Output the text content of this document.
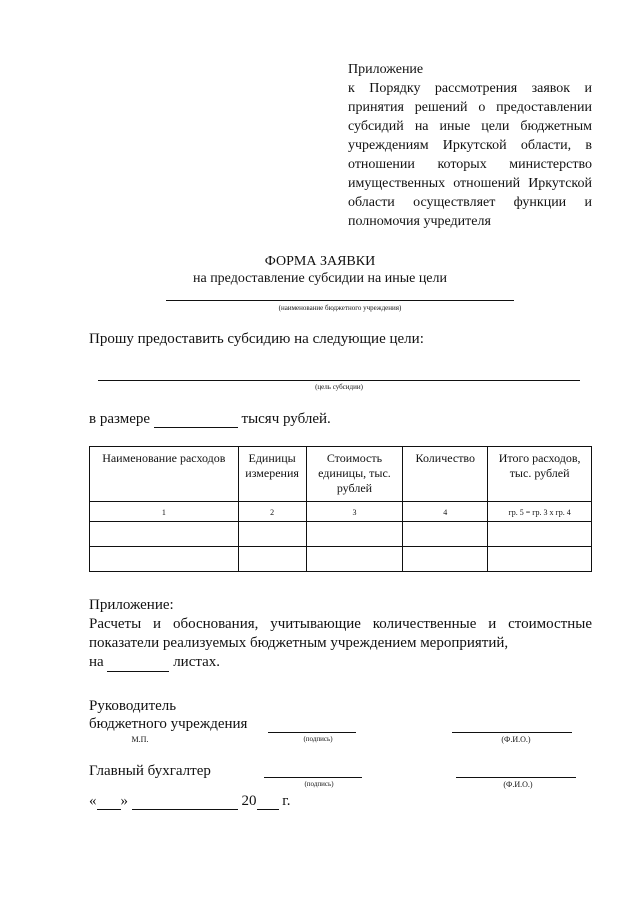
Приложение
к Порядку рассмотрения заявок и принятия решений о предоставлении субсидий на иные цели бюджетным учреждениям Иркутской области, в отношении которых министерство имущественных отношений Иркутской области осуществляет функции и полномочия учредителя
ФОРМА ЗАЯВКИ
на предоставление субсидии на иные цели
(наименование бюджетного учреждения)
Прошу предоставить субсидию на следующие цели:
(цель субсидии)
в размере	тысяч рублей.
Наименование расходов	Единицы измерения	Стоимость единицы, тыс. рублей	Количество	Итого расходов, тыс. рублей
1	2	3	4	гр. 5 = гр. 3 х гр. 4

Приложение:
Расчеты и обоснования, учитывающие количественные и стоимостные показатели реализуемых бюджетным учреждением мероприятий,
на	листах.
Руководитель
бюджетного учреждения
М.П.	(подпись)	(Ф.И.О.)
Главный бухгалтер
(подпись)	(Ф.И.О.)
« »	20 г.
